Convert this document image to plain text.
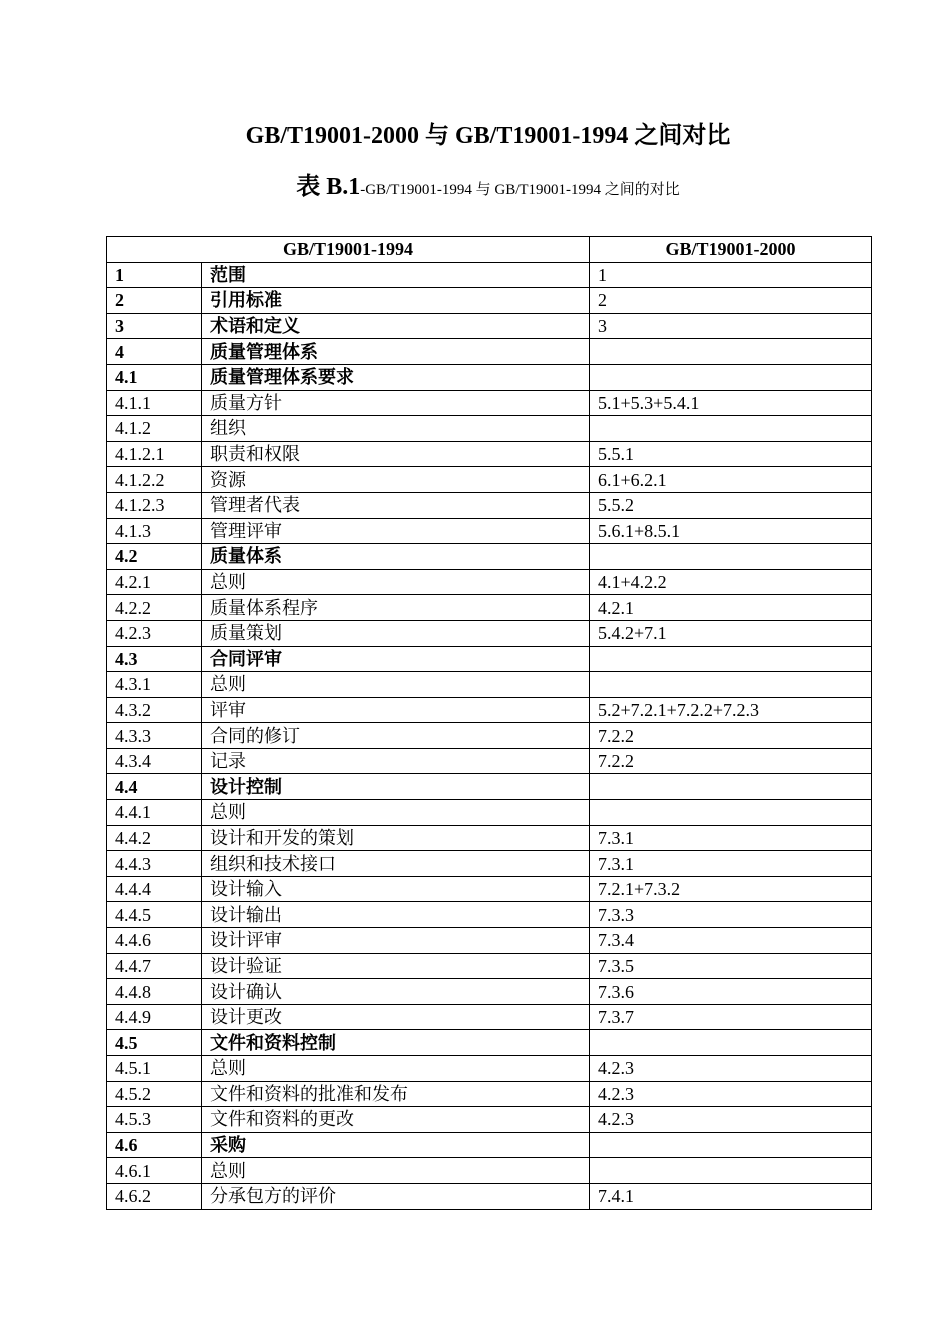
GB/T19001-2000 与 GB/T19001-1994 之间对比
表 B.1-GB/T19001-1994 与 GB/T19001-1994 之间的对比
GB/T19001-1994		GB/T19001-2000
1	范围	1
2	引用标准	2
3	术语和定义	3
4	质量管理体系	
4.1	质量管理体系要求	
4.1.1	质量方针	5.1+5.3+5.4.1
4.1.2	组织	
4.1.2.1	职责和权限	5.5.1
4.1.2.2	资源	6.1+6.2.1
4.1.2.3	管理者代表	5.5.2
4.1.3	管理评审	5.6.1+8.5.1
4.2	质量体系	
4.2.1	总则	4.1+4.2.2
4.2.2	质量体系程序	4.2.1
4.2.3	质量策划	5.4.2+7.1
4.3	合同评审	
4.3.1	总则	
4.3.2	评审	5.2+7.2.1+7.2.2+7.2.3
4.3.3	合同的修订	7.2.2
4.3.4	记录	7.2.2
4.4	设计控制	
4.4.1	总则	
4.4.2	设计和开发的策划	7.3.1
4.4.3	组织和技术接口	7.3.1
4.4.4	设计输入	7.2.1+7.3.2
4.4.5	设计输出	7.3.3
4.4.6	设计评审	7.3.4
4.4.7	设计验证	7.3.5
4.4.8	设计确认	7.3.6
4.4.9	设计更改	7.3.7
4.5	文件和资料控制	
4.5.1	总则	4.2.3
4.5.2	文件和资料的批准和发布	4.2.3
4.5.3	文件和资料的更改	4.2.3
4.6	采购	
4.6.1	总则	
4.6.2	分承包方的评价	7.4.1
